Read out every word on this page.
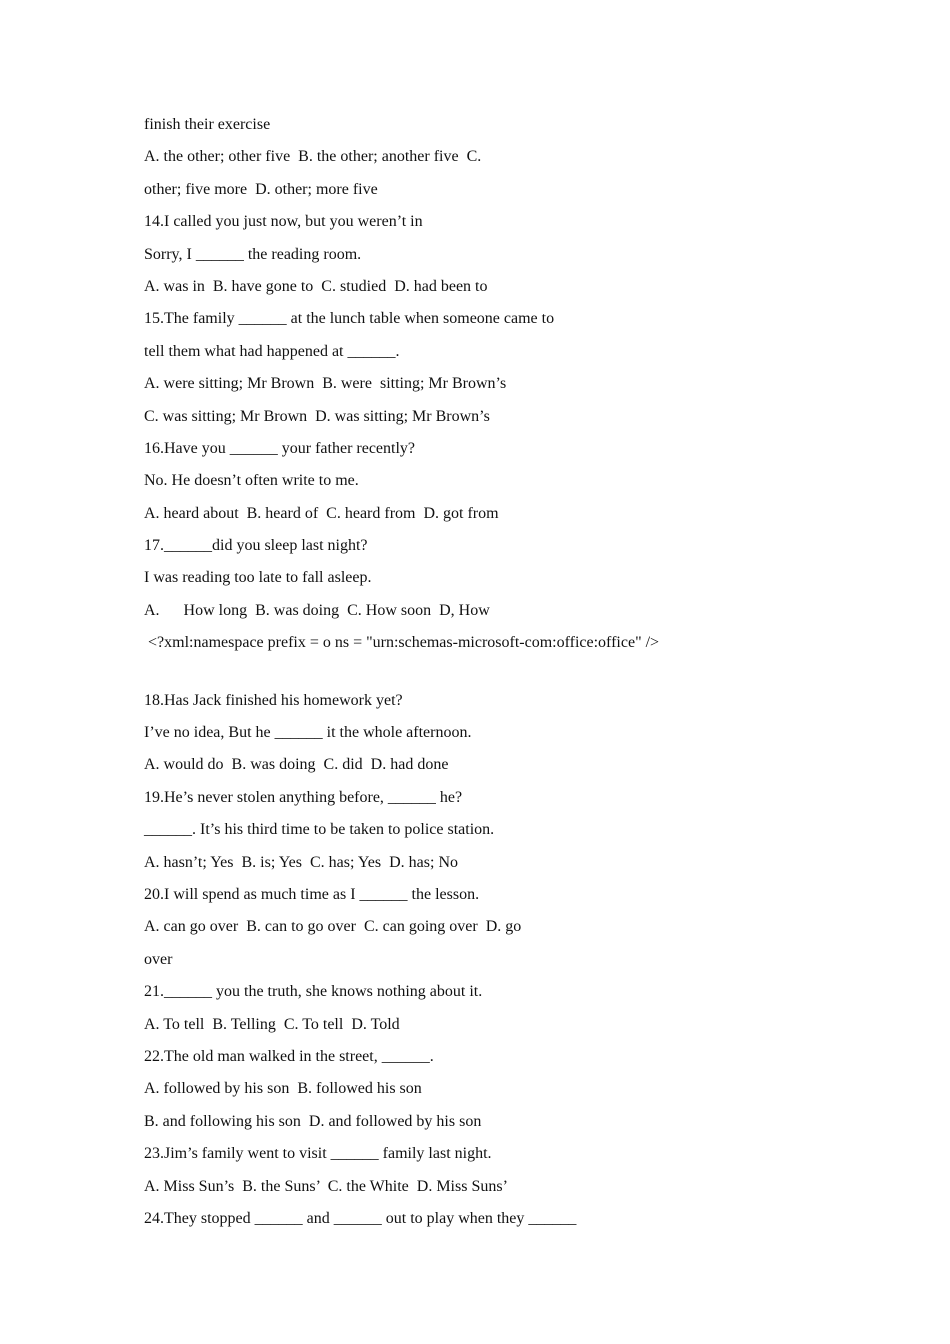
finish their exercise
A. the other; other five  B. the other; another five  C.
other; five more  D. other; more five
14.I called you just now, but you weren’t in
Sorry, I ______ the reading room.
A. was in  B. have gone to  C. studied  D. had been to
15.The family ______ at the lunch table when someone came to
tell them what had happened at ______.
A. were sitting; Mr Brown  B. were  sitting; Mr Brown’s
C. was sitting; Mr Brown  D. was sitting; Mr Brown’s
16.Have you ______ your father recently?
No. He doesn’t often write to me.
A. heard about  B. heard of  C. heard from  D. got from
17.______did you sleep last night?
I was reading too late to fall asleep.
A.      How long  B. was doing  C. How soon  D, How
<?xml:namespace prefix = o ns = "urn:schemas-microsoft-com:office:office" />
18.Has Jack finished his homework yet?
I’ve no idea, But he ______ it the whole afternoon.
A. would do  B. was doing  C. did  D. had done
19.He’s never stolen anything before, ______ he?
______. It’s his third time to be taken to police station.
A. hasn’t; Yes  B. is; Yes  C. has; Yes  D. has; No
20.I will spend as much time as I ______ the lesson.
A. can go over  B. can to go over  C. can going over  D. go
over
21.______ you the truth, she knows nothing about it.
A. To tell  B. Telling  C. To tell  D. Told
22.The old man walked in the street, ______.
A. followed by his son  B. followed his son
B. and following his son  D. and followed by his son
23.Jim’s family went to visit ______ family last night.
A. Miss Sun’s  B. the Suns’  C. the White  D. Miss Suns’
24.They stopped ______ and ______ out to play when they ______
